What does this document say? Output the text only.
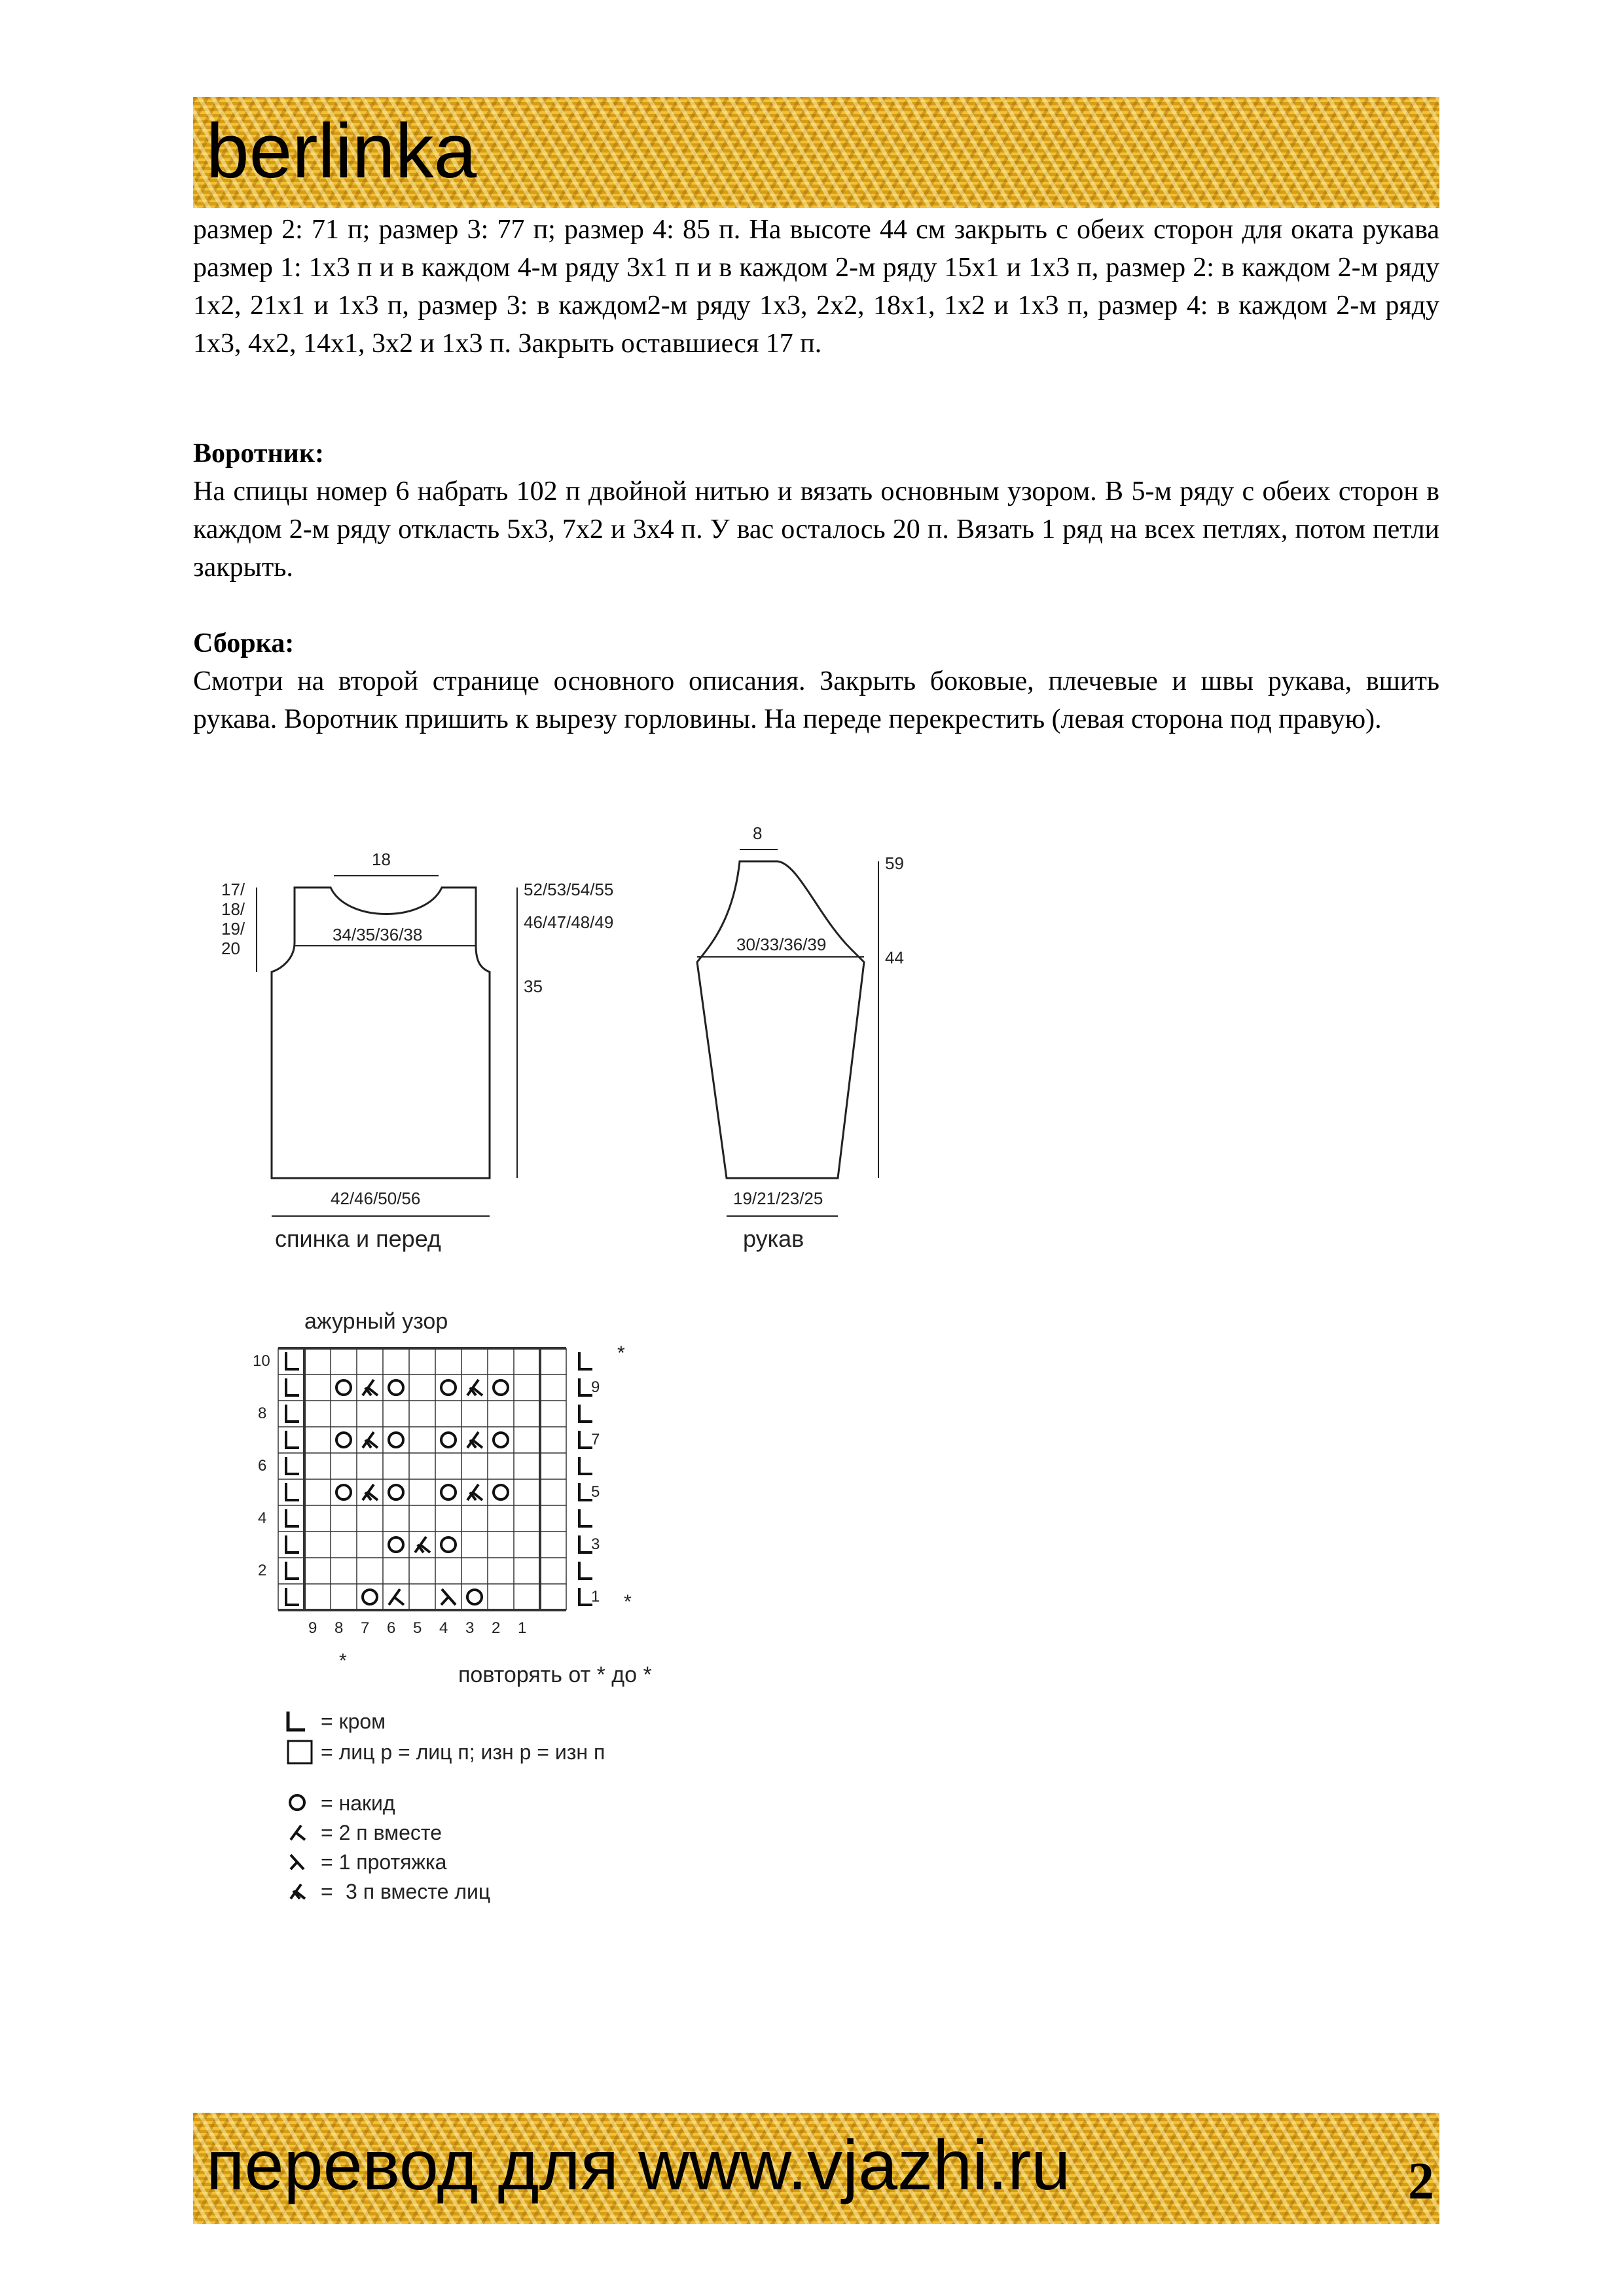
berlinka

размер 2: 71 п; размер 3: 77 п; размер 4: 85 п. На высоте 44 см закрыть с обеих сторон для оката рукава размер 1: 1х3 п и в каждом 4-м ряду 3х1 п и в каждом 2-м ряду 15х1 и 1х3 п, размер 2: в каждом 2-м ряду 1х2, 21х1 и 1х3 п, размер 3: в каждом2-м ряду 1х3, 2х2, 18х1, 1х2 и 1х3 п, размер 4: в каждом 2-м ряду 1х3, 4х2, 14х1, 3х2 и 1х3 п. Закрыть оставшиеся 17 п.

Воротник:

На спицы номер 6 набрать 102 п двойной нитью и вязать основным узором. В 5-м ряду с обеих сторон в каждом 2-м ряду откласть 5х3, 7х2 и 3х4 п. У вас осталось 20 п. Вязать 1 ряд на всех петлях, потом петли закрыть.

Сборка:

Смотри на второй странице основного описания. Закрыть боковые, плечевые и швы рукава, вшить рукава. Воротник пришить к вырезу горловины. На переде перекрестить (левая сторона под правую).

18
17/
18/
19/
20
52/53/54/55
46/47/48/49
34/35/36/38
35
42/46/50/56
спинка и перед
8
59
30/33/36/39
44
19/21/23/25
рукав
ажурный узор
10
8
6
4
2
9
7
5
3
1
9 8 7 6 5 4 3 2 1
*
*
*
повторять от * до *
= кром
= лиц р = лиц п; изн р = изн п
= накид
= 2 п вместе
= 1 протяжка
= 3 п вместе лиц
перевод для www.vjazhi.ru	2
